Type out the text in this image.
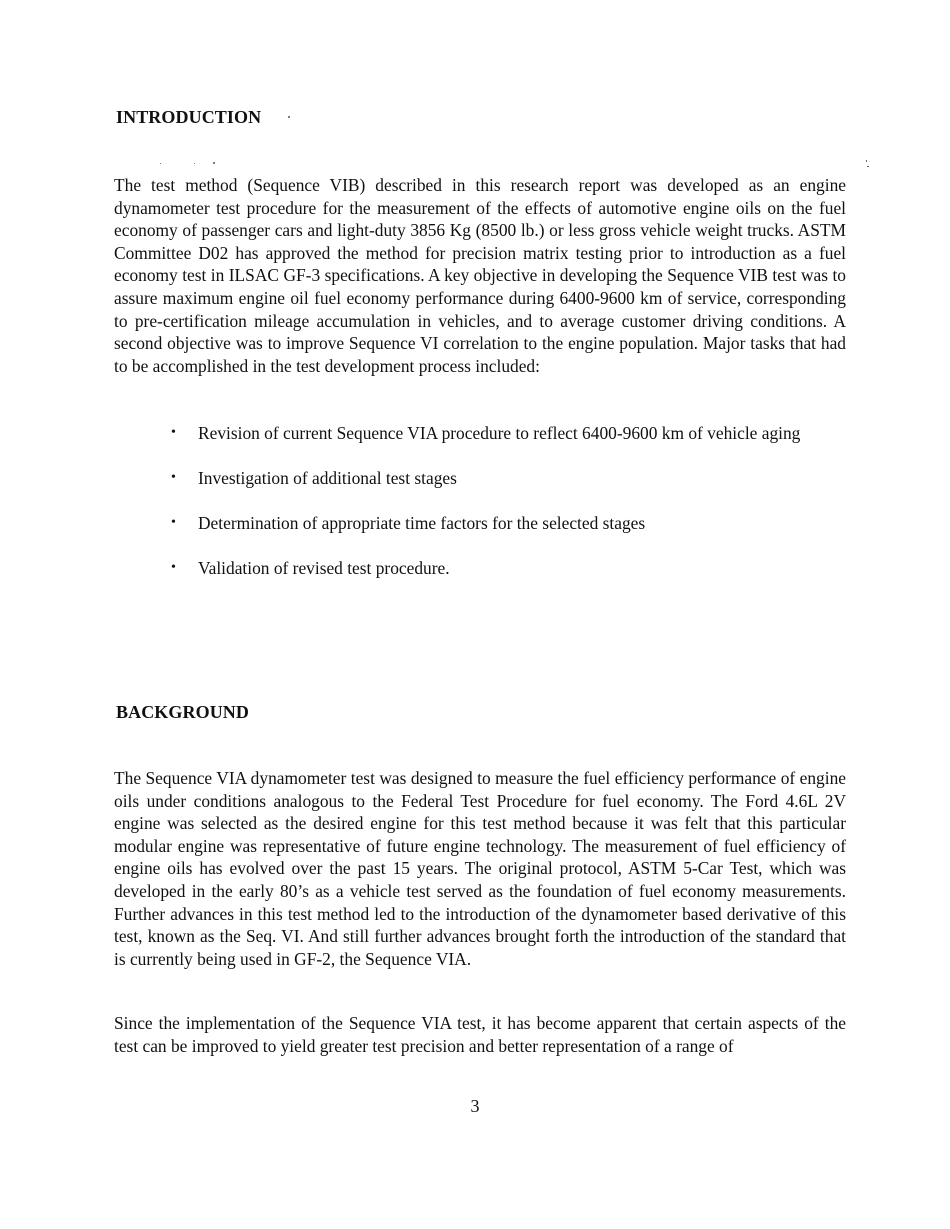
INTRODUCTION

The test method (Sequence VIB) described in this research report was developed as an engine dynamometer test procedure for the measurement of the effects of automotive engine oils on the fuel economy of passenger cars and light-duty 3856 Kg (8500 lb.) or less gross vehicle weight trucks. ASTM Committee D02 has approved the method for precision matrix testing prior to introduction as a fuel economy test in ILSAC GF-3 specifications. A key objective in developing the Sequence VIB test was to assure maximum engine oil fuel economy performance during 6400-9600 km of service, corresponding to pre-certification mileage accumulation in vehicles, and to average customer driving conditions. A second objective was to improve Sequence VI correlation to the engine population. Major tasks that had to be accomplished in the test development process included:

• Revision of current Sequence VIA procedure to reflect 6400-9600 km of vehicle aging
• Investigation of additional test stages
• Determination of appropriate time factors for the selected stages
• Validation of revised test procedure.
BACKGROUND

The Sequence VIA dynamometer test was designed to measure the fuel efficiency performance of engine oils under conditions analogous to the Federal Test Procedure for fuel economy. The Ford 4.6L 2V engine was selected as the desired engine for this test method because it was felt that this particular modular engine was representative of future engine technology. The measurement of fuel efficiency of engine oils has evolved over the past 15 years. The original protocol, ASTM 5-Car Test, which was developed in the early 80’s as a vehicle test served as the foundation of fuel economy measurements. Further advances in this test method led to the introduction of the dynamometer based derivative of this test, known as the Seq. VI. And still further advances brought forth the introduction of the standard that is currently being used in GF-2, the Sequence VIA.

Since the implementation of the Sequence VIA test, it has become apparent that certain aspects of the test can be improved to yield greater test precision and better representation of a range of

3
